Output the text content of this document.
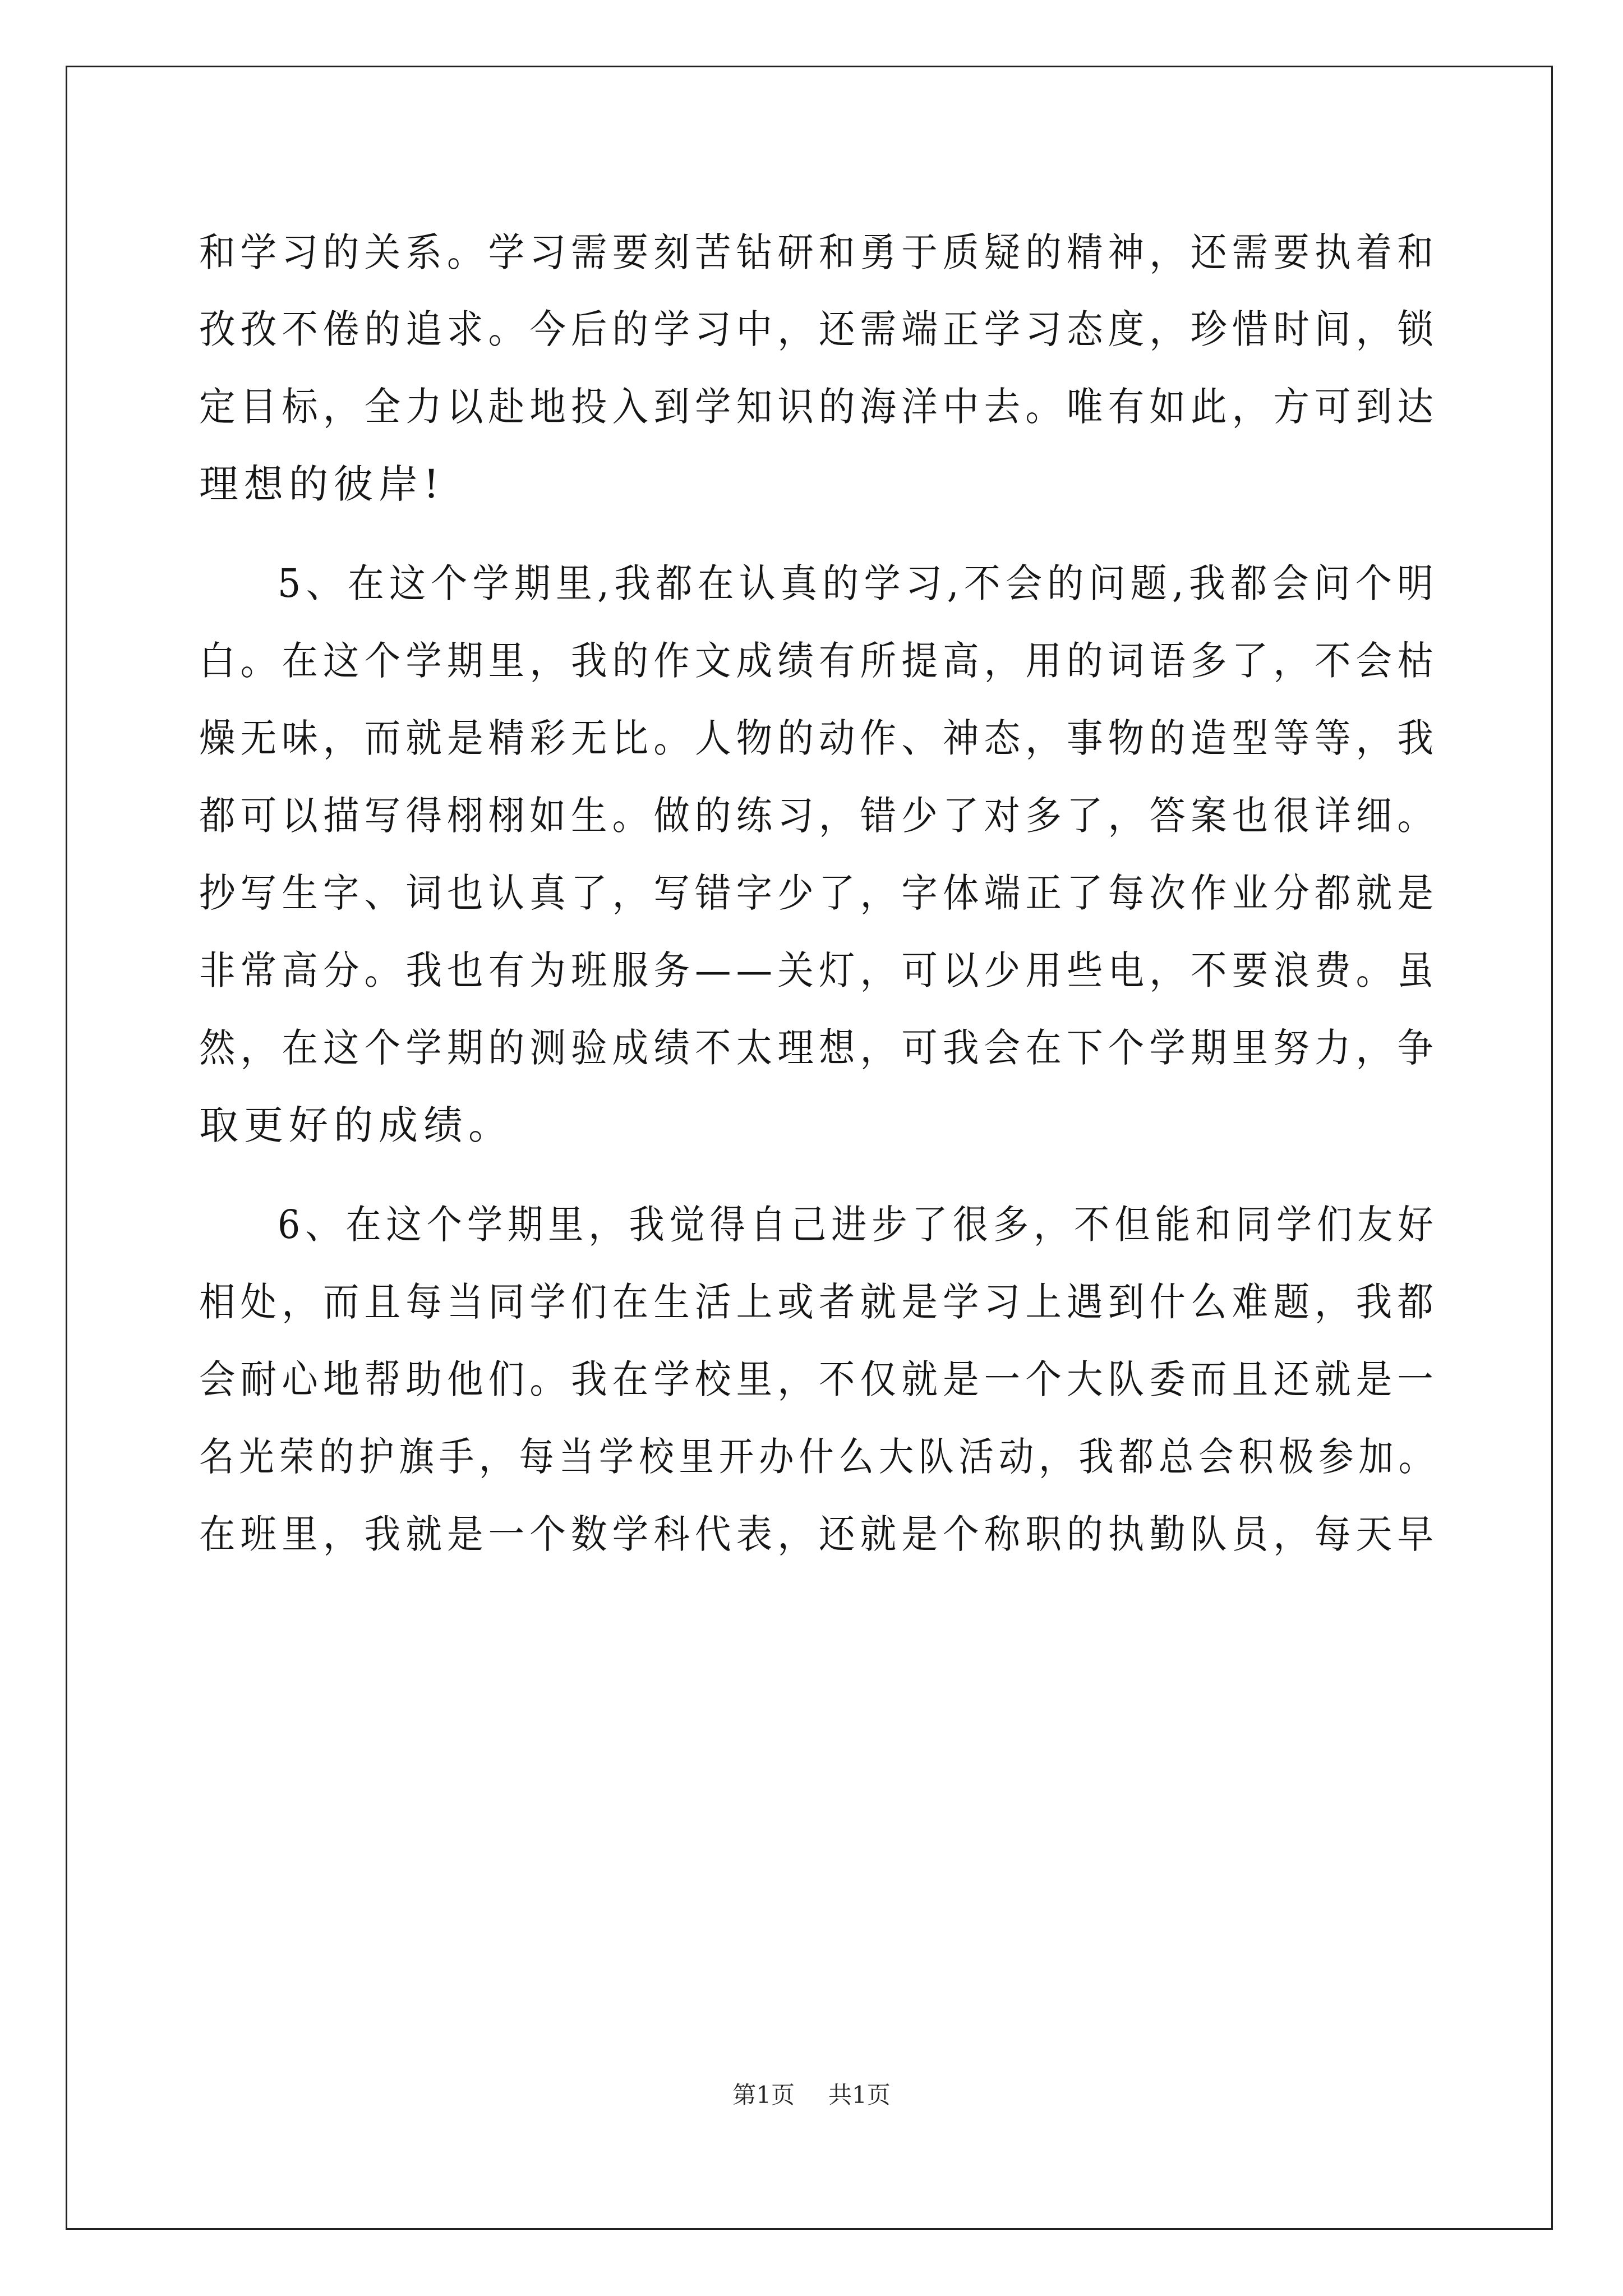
和学习的关系。学习需要刻苦钻研和勇于质疑的精神，还需要执着和
孜孜不倦的追求。今后的学习中，还需端正学习态度，珍惜时间，锁
定目标，全力以赴地投入到学知识的海洋中去。唯有如此，方可到达
理想的彼岸!
5、在这个学期里,我都在认真的学习,不会的问题,我都会问个明
白。在这个学期里，我的作文成绩有所提高，用的词语多了，不会枯
燥无味，而就是精彩无比。人物的动作、神态，事物的造型等等，我
都可以描写得栩栩如生。做的练习，错少了对多了，答案也很详细。
抄写生字、词也认真了，写错字少了，字体端正了每次作业分都就是
非常高分。我也有为班服务——关灯，可以少用些电，不要浪费。虽
然，在这个学期的测验成绩不太理想，可我会在下个学期里努力，争
取更好的成绩。
6、在这个学期里，我觉得自己进步了很多，不但能和同学们友好
相处，而且每当同学们在生活上或者就是学习上遇到什么难题，我都
会耐心地帮助他们。我在学校里，不仅就是一个大队委而且还就是一
名光荣的护旗手，每当学校里开办什么大队活动，我都总会积极参加。
在班里，我就是一个数学科代表，还就是个称职的执勤队员，每天早
第1页 共1页
